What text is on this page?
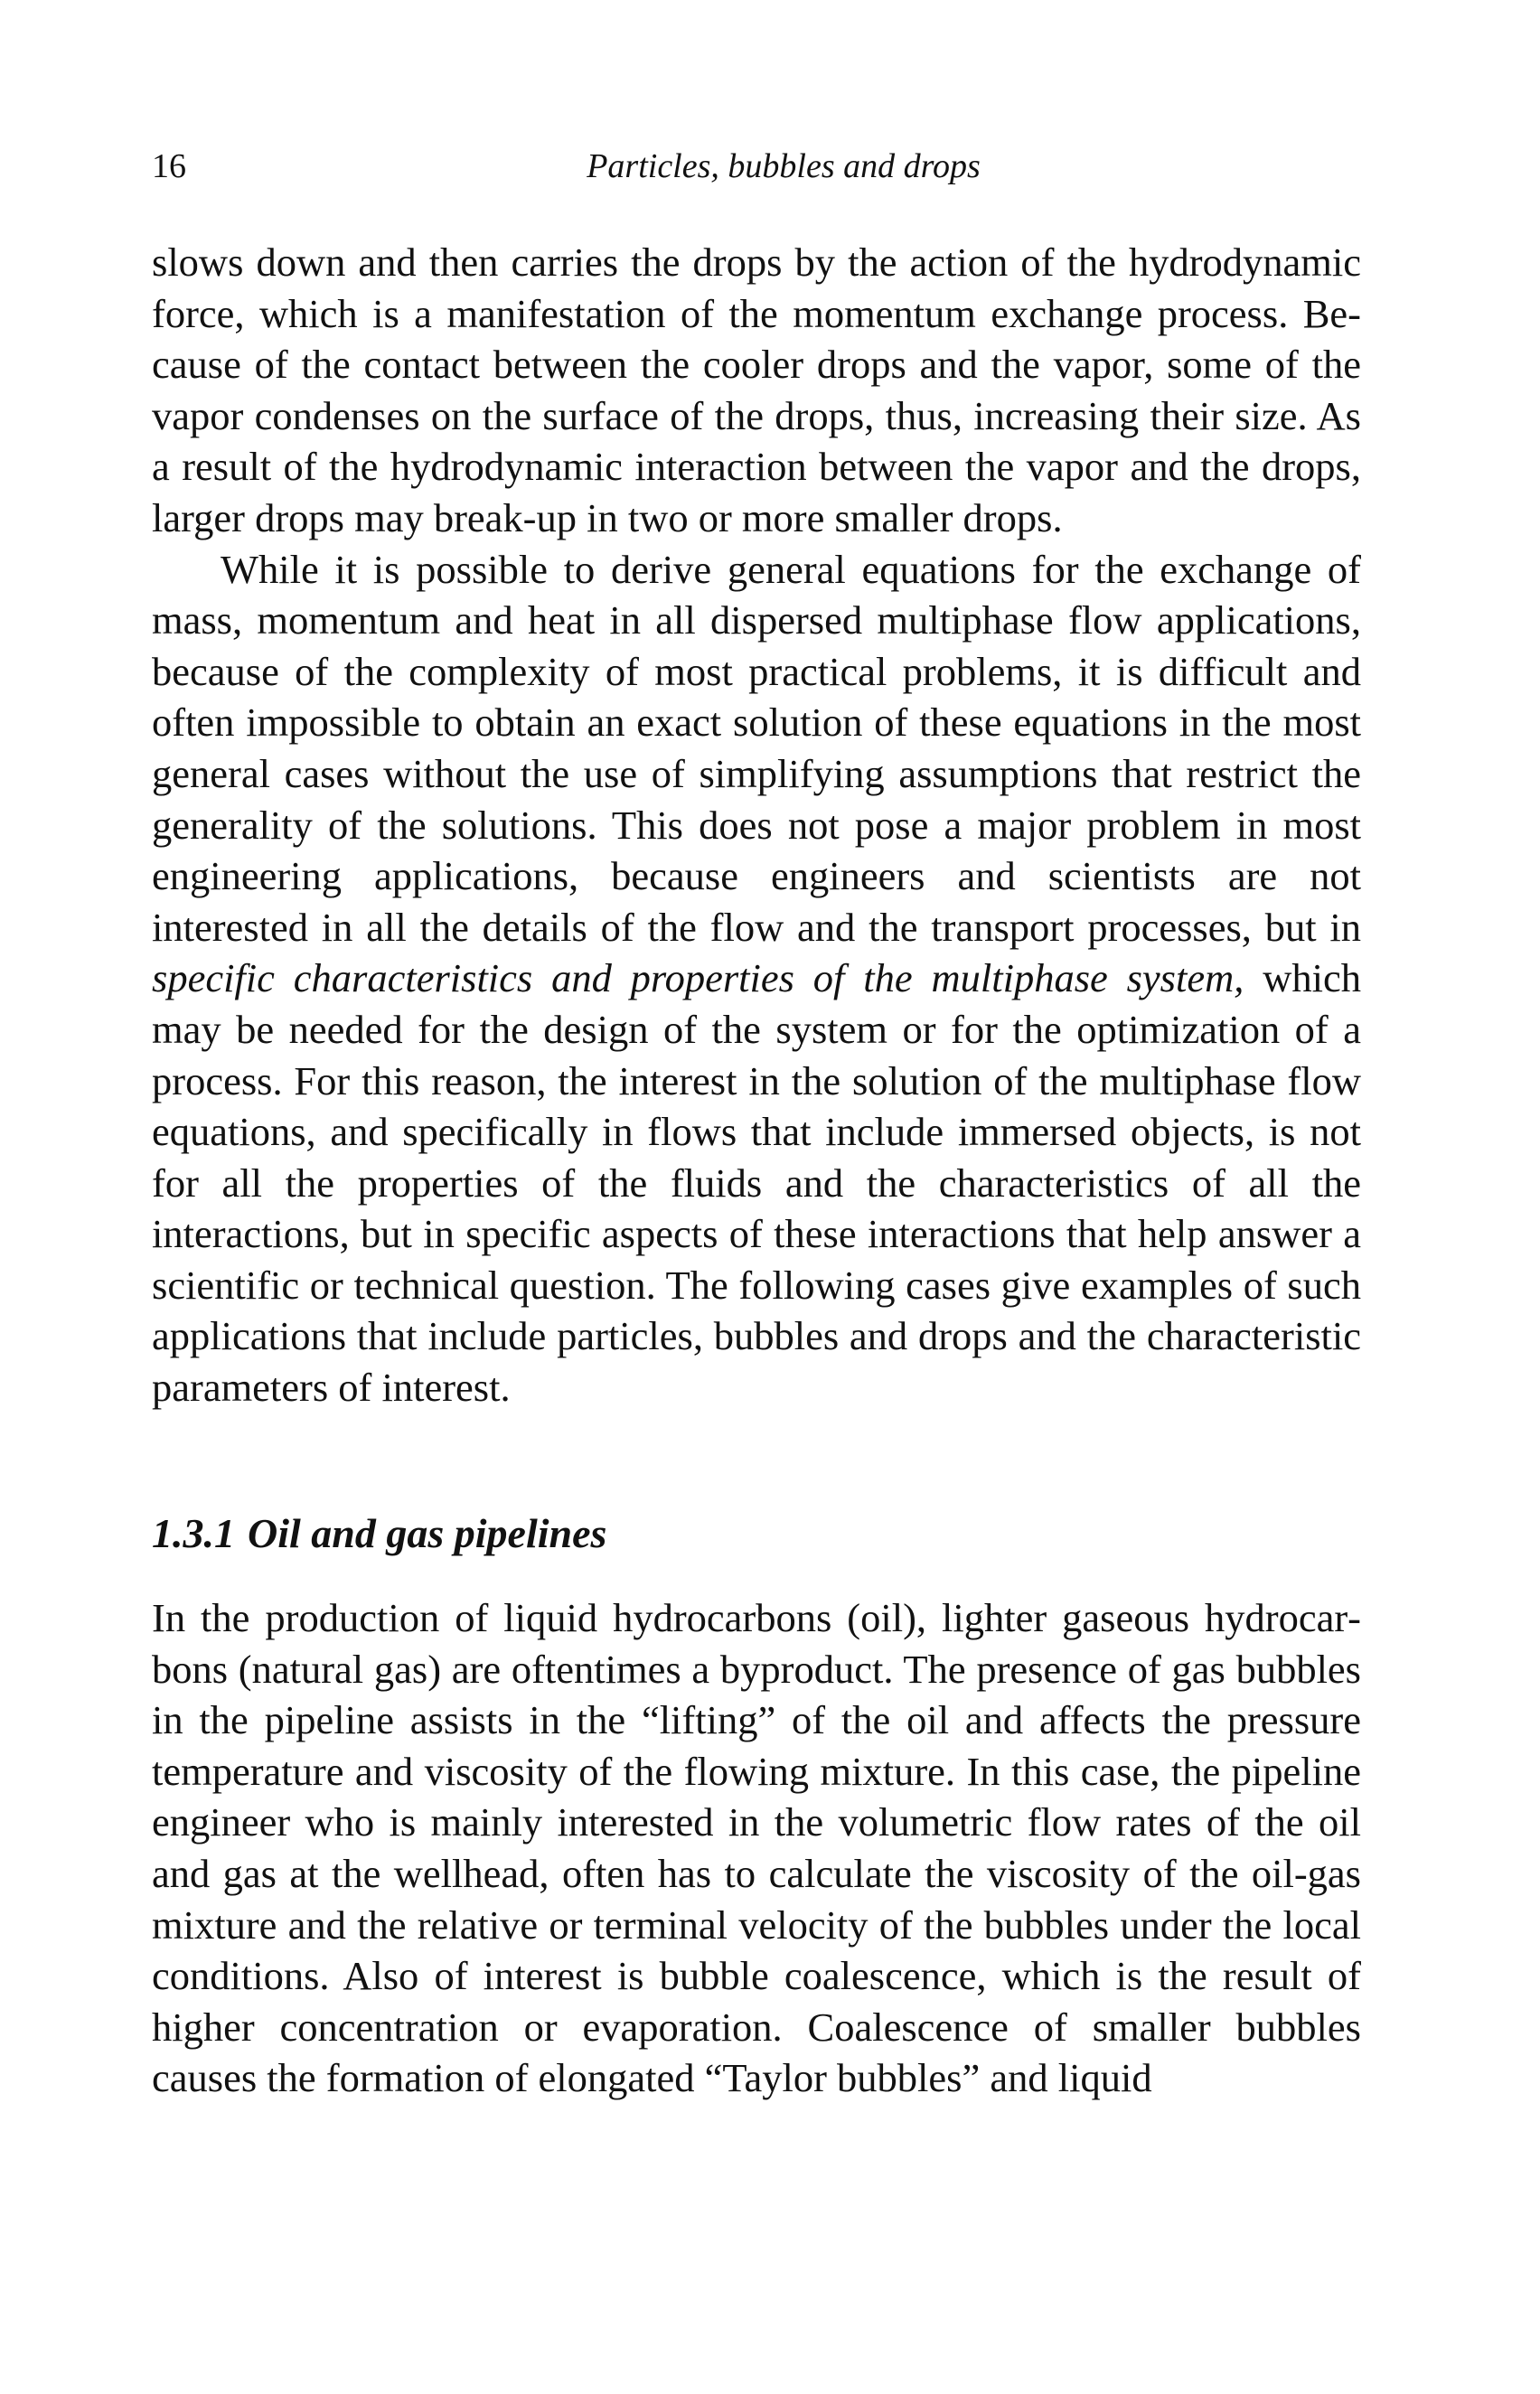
16	Particles, bubbles and drops

slows down and then carries the drops by the action of the hydrodynamic force, which is a manifestation of the momentum exchange process. Because of the contact between the cooler drops and the vapor, some of the vapor condenses on the surface of the drops, thus, increasing their size. As a result of the hydrodynamic interaction between the vapor and the drops, larger drops may break-up in two or more smaller drops.

While it is possible to derive general equations for the exchange of mass, momentum and heat in all dispersed multiphase flow applications, because of the complexity of most practical problems, it is difficult and often impossible to obtain an exact solution of these equations in the most general cases without the use of simplifying assumptions that restrict the generality of the solutions. This does not pose a major problem in most engineering applications, because engineers and scientists are not interested in all the details of the flow and the transport processes, but in specific characteristics and properties of the multiphase system, which may be needed for the design of the system or for the optimization of a process. For this reason, the interest in the solution of the multiphase flow equations, and specifically in flows that include immersed objects, is not for all the properties of the fluids and the characteristics of all the interactions, but in specific aspects of these interactions that help answer a scientific or technical question. The following cases give examples of such applications that include particles, bubbles and drops and the characteristic parameters of interest.

1.3.1 Oil and gas pipelines

In the production of liquid hydrocarbons (oil), lighter gaseous hydrocarbons (natural gas) are oftentimes a byproduct. The presence of gas bubbles in the pipeline assists in the “lifting” of the oil and affects the pressure temperature and viscosity of the flowing mixture. In this case, the pipeline engineer who is mainly interested in the volumetric flow rates of the oil and gas at the wellhead, often has to calculate the viscosity of the oil-gas mixture and the relative or terminal velocity of the bubbles under the local conditions. Also of interest is bubble coalescence, which is the result of higher concentration or evaporation. Coalescence of smaller bubbles causes the formation of elongated “Taylor bubbles” and liquid
